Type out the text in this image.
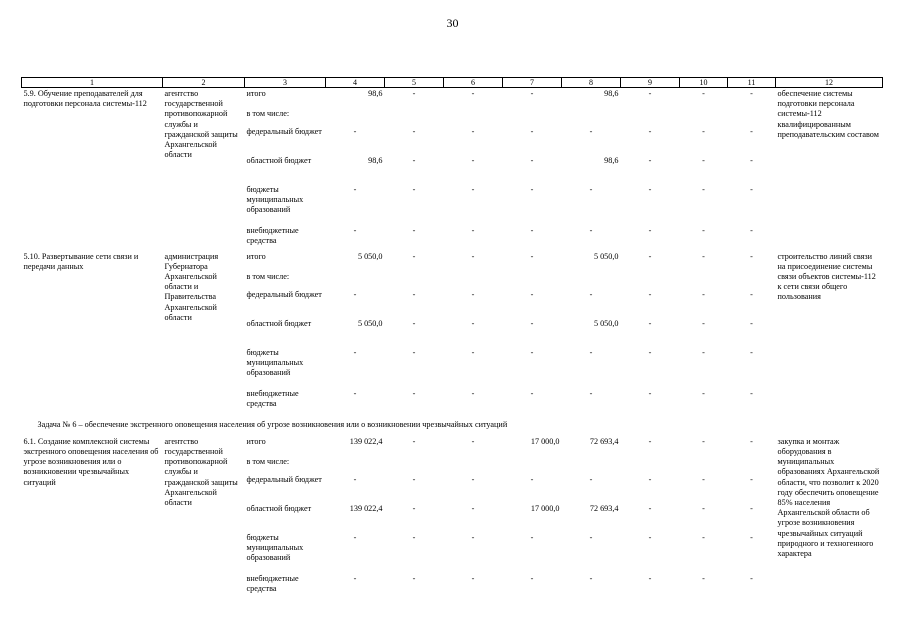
30
1	2	3	4	5	6	7	8	9	10	11	12
5.9. Обучение преподавателей для подготовки персонала системы-112	агентство государственной противопожарной службы и гражданской защиты Архангельской области	итого	98,6	-	-	-	98,6	-	-	-	обеспечение системы подготовки персонала системы-112 квалифицированным преподавательским составом
		в том числе:									
		федеральный бюджет	-	-	-	-	-	-	-	-	
		областной бюджет	98,6	-	-	-	98,6	-	-	-	
		бюджеты муниципальных образований	-	-	-	-	-	-	-	-	
		внебюджетные средства	-	-	-	-	-	-	-	-	
5.10. Развертывание сети связи и передачи данных	администрация Губернатора Архангельской области и Правительства Архангельской области	итого	5 050,0	-	-	-	5 050,0	-	-	-	строительство линий связи на присоединение системы связи объектов системы-112 к сети связи общего пользования
		в том числе:									
		федеральный бюджет	-	-	-	-	-	-	-	-	
		областной бюджет	5 050,0	-	-	-	5 050,0	-	-	-	
		бюджеты муниципальных образований	-	-	-	-	-	-	-	-	
		внебюджетные средства	-	-	-	-	-	-	-	-	
Задача № 6 – обеспечение экстренного оповещения населения об угрозе возникновения или о возникновении чрезвычайных ситуаций											
6.1. Создание комплексной системы экстренного оповещения населения об угрозе возникновения или о возникновении чрезвычайных ситуаций	агентство государственной противопожарной службы и гражданской защиты Архангельской области	итого	139 022,4	-	-	17 000,0	72 693,4	-	-	-	закупка и монтаж оборудования в муниципальных образованиях Архангельской области, что позволит к 2020 году обеспечить оповещение 85% населения Архангельской области об угрозе возникновения чрезвычайных ситуаций природного и техногенного характера
		в том числе:									
		федеральный бюджет	-	-	-	-	-	-	-	-	
		областной бюджет	139 022,4	-	-	17 000,0	72 693,4	-	-	-	
		бюджеты муниципальных образований	-	-	-	-	-	-	-	-	
		внебюджетные средства	-	-	-	-	-	-	-	-	
